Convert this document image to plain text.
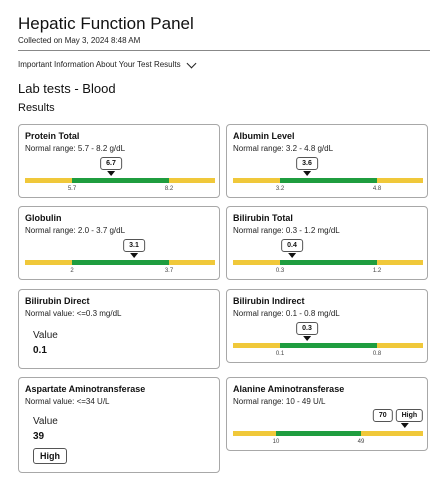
Hepatic Function Panel
Collected on May 3, 2024 8:48 AM
Important Information About Your Test Results
Lab tests - Blood
Results
Protein Total
Normal range: 5.7 - 8.2 g/dL
6.7
5.7	8.2
Albumin Level
Normal range: 3.2 - 4.8 g/dL
3.6
3.2	4.8
Globulin
Normal range: 2.0 - 3.7 g/dL
3.1
2	3.7
Bilirubin Total
Normal range: 0.3 - 1.2 mg/dL
0.4
0.3	1.2
Bilirubin Direct
Normal value: <=0.3 mg/dL
Value
0.1
Bilirubin Indirect
Normal range: 0.1 - 0.8 mg/dL
0.3
0.1	0.8
Aspartate Aminotransferase
Normal value: <=34 U/L
Value
39
High
Alanine Aminotransferase
Normal range: 10 - 49 U/L
70	High
10	49
